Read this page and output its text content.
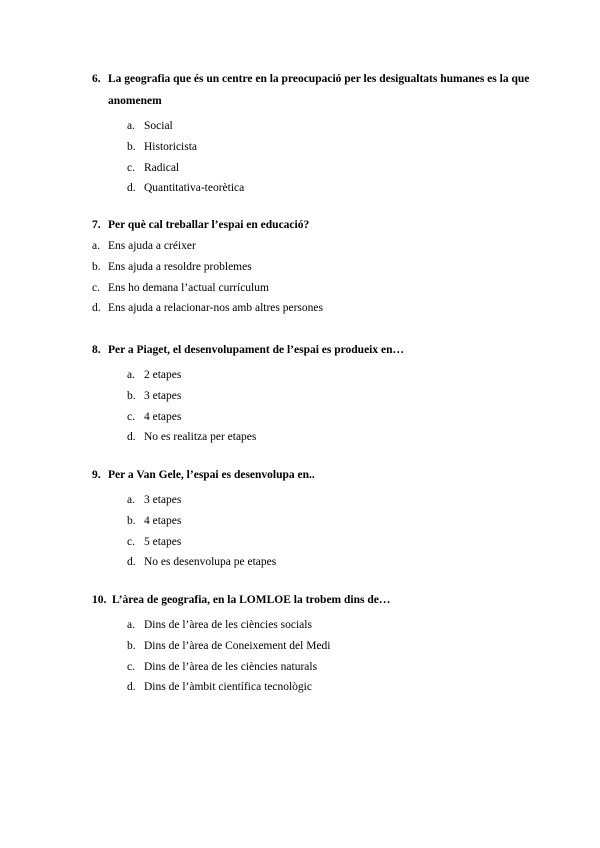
6. La geografia que és un centre en la preocupació per les desigualtats humanes es la que anomenem
a. Social
b. Historicista
c. Radical
d. Quantitativa-teorètica
7. Per què cal treballar l’espai en educació?
a. Ens ajuda a créixer
b. Ens ajuda a resoldre problemes
c. Ens ho demana l’actual currículum
d. Ens ajuda a relacionar-nos amb altres persones
8. Per a Piaget, el desenvolupament de l’espai es produeix en…
a. 2 etapes
b. 3 etapes
c. 4 etapes
d. No es realitza per etapes
9. Per a Van Gele, l’espai es desenvolupa en..
a. 3 etapes
b. 4 etapes
c. 5 etapes
d. No es desenvolupa pe etapes
10. L’àrea de geografia, en la LOMLOE la trobem dins de…
a. Dins de l’àrea de les ciències socials
b. Dins de l’àrea de Coneixement del Medi
c. Dins de l’àrea de les ciències naturals
d. Dins de l’àmbit científica tecnològic
